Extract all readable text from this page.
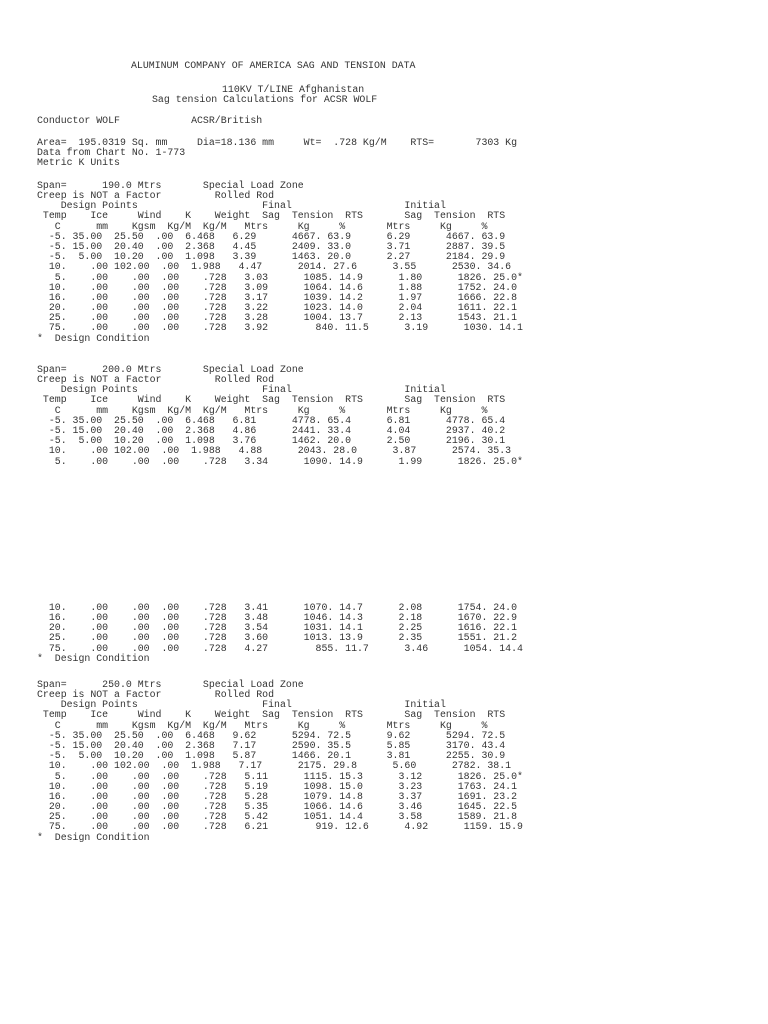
ALUMINUM COMPANY OF AMERICA SAG AND TENSION DATA
110KV T/LINE Afghanistan
Sag tension Calculations for ACSR WOLF
Conductor WOLF            ACSR/British
Area=  195.0319 Sq. mm     Dia=18.136 mm     Wt=  .728 Kg/M    RTS=       7303 Kg
Data from Chart No. 1-773
Metric K Units
Span=      190.0 Mtrs       Special Load Zone
Creep is NOT a Factor         Rolled Rod
Design Points                     Final                   Initial
Temp    Ice     Wind    K    Weight  Sag  Tension  RTS       Sag  Tension  RTS
C      mm    Kgsm  Kg/M  Kg/M   Mtrs     Kg     %       Mtrs     Kg     %
-5. 35.00  25.50  .00  6.468   6.29      4667. 63.9      6.29      4667. 63.9
-5. 15.00  20.40  .00  2.368   4.45      2409. 33.0      3.71      2887. 39.5
-5.  5.00  10.20  .00  1.098   3.39      1463. 20.0      2.27      2184. 29.9
10.    .00 102.00  .00  1.988   4.47      2014. 27.6      3.55      2530. 34.6
5.    .00    .00  .00    .728   3.03      1085. 14.9      1.80      1826. 25.0*
10.    .00    .00  .00    .728   3.09      1064. 14.6      1.88      1752. 24.0
16.    .00    .00  .00    .728   3.17      1039. 14.2      1.97      1666. 22.8
20.    .00    .00  .00    .728   3.22      1023. 14.0      2.04      1611. 22.1
25.    .00    .00  .00    .728   3.28      1004. 13.7      2.13      1543. 21.1
75.    .00    .00  .00    .728   3.92        840. 11.5      3.19      1030. 14.1
*  Design Condition
Span=      200.0 Mtrs       Special Load Zone
Creep is NOT a Factor         Rolled Rod
Design Points                     Final                   Initial
Temp    Ice     Wind    K    Weight  Sag  Tension  RTS       Sag  Tension  RTS
C      mm    Kgsm  Kg/M  Kg/M   Mtrs     Kg     %       Mtrs     Kg     %
-5. 35.00  25.50  .00  6.468   6.81      4778. 65.4      6.81      4778. 65.4
-5. 15.00  20.40  .00  2.368   4.86      2441. 33.4      4.04      2937. 40.2
-5.  5.00  10.20  .00  1.098   3.76      1462. 20.0      2.50      2196. 30.1
10.    .00 102.00  .00  1.988   4.88      2043. 28.0      3.87      2574. 35.3
5.    .00    .00  .00    .728   3.34      1090. 14.9      1.99      1826. 25.0*
10.    .00    .00  .00    .728   3.41      1070. 14.7      2.08      1754. 24.0
16.    .00    .00  .00    .728   3.48      1046. 14.3      2.18      1670. 22.9
20.    .00    .00  .00    .728   3.54      1031. 14.1      2.25      1616. 22.1
25.    .00    .00  .00    .728   3.60      1013. 13.9      2.35      1551. 21.2
75.    .00    .00  .00    .728   4.27        855. 11.7      3.46      1054. 14.4
*  Design Condition
Span=      250.0 Mtrs       Special Load Zone
Creep is NOT a Factor         Rolled Rod
Design Points                     Final                   Initial
Temp    Ice     Wind    K    Weight  Sag  Tension  RTS       Sag  Tension  RTS
C      mm    Kgsm  Kg/M  Kg/M   Mtrs     Kg     %       Mtrs     Kg     %
-5. 35.00  25.50  .00  6.468   9.62      5294. 72.5      9.62      5294. 72.5
-5. 15.00  20.40  .00  2.368   7.17      2590. 35.5      5.85      3170. 43.4
-5.  5.00  10.20  .00  1.098   5.87      1466. 20.1      3.81      2255. 30.9
10.    .00 102.00  .00  1.988   7.17      2175. 29.8      5.60      2782. 38.1
5.    .00    .00  .00    .728   5.11      1115. 15.3      3.12      1826. 25.0*
10.    .00    .00  .00    .728   5.19      1098. 15.0      3.23      1763. 24.1
16.    .00    .00  .00    .728   5.28      1079. 14.8      3.37      1691. 23.2
20.    .00    .00  .00    .728   5.35      1066. 14.6      3.46      1645. 22.5
25.    .00    .00  .00    .728   5.42      1051. 14.4      3.58      1589. 21.8
75.    .00    .00  .00    .728   6.21        919. 12.6      4.92      1159. 15.9
*  Design Condition
